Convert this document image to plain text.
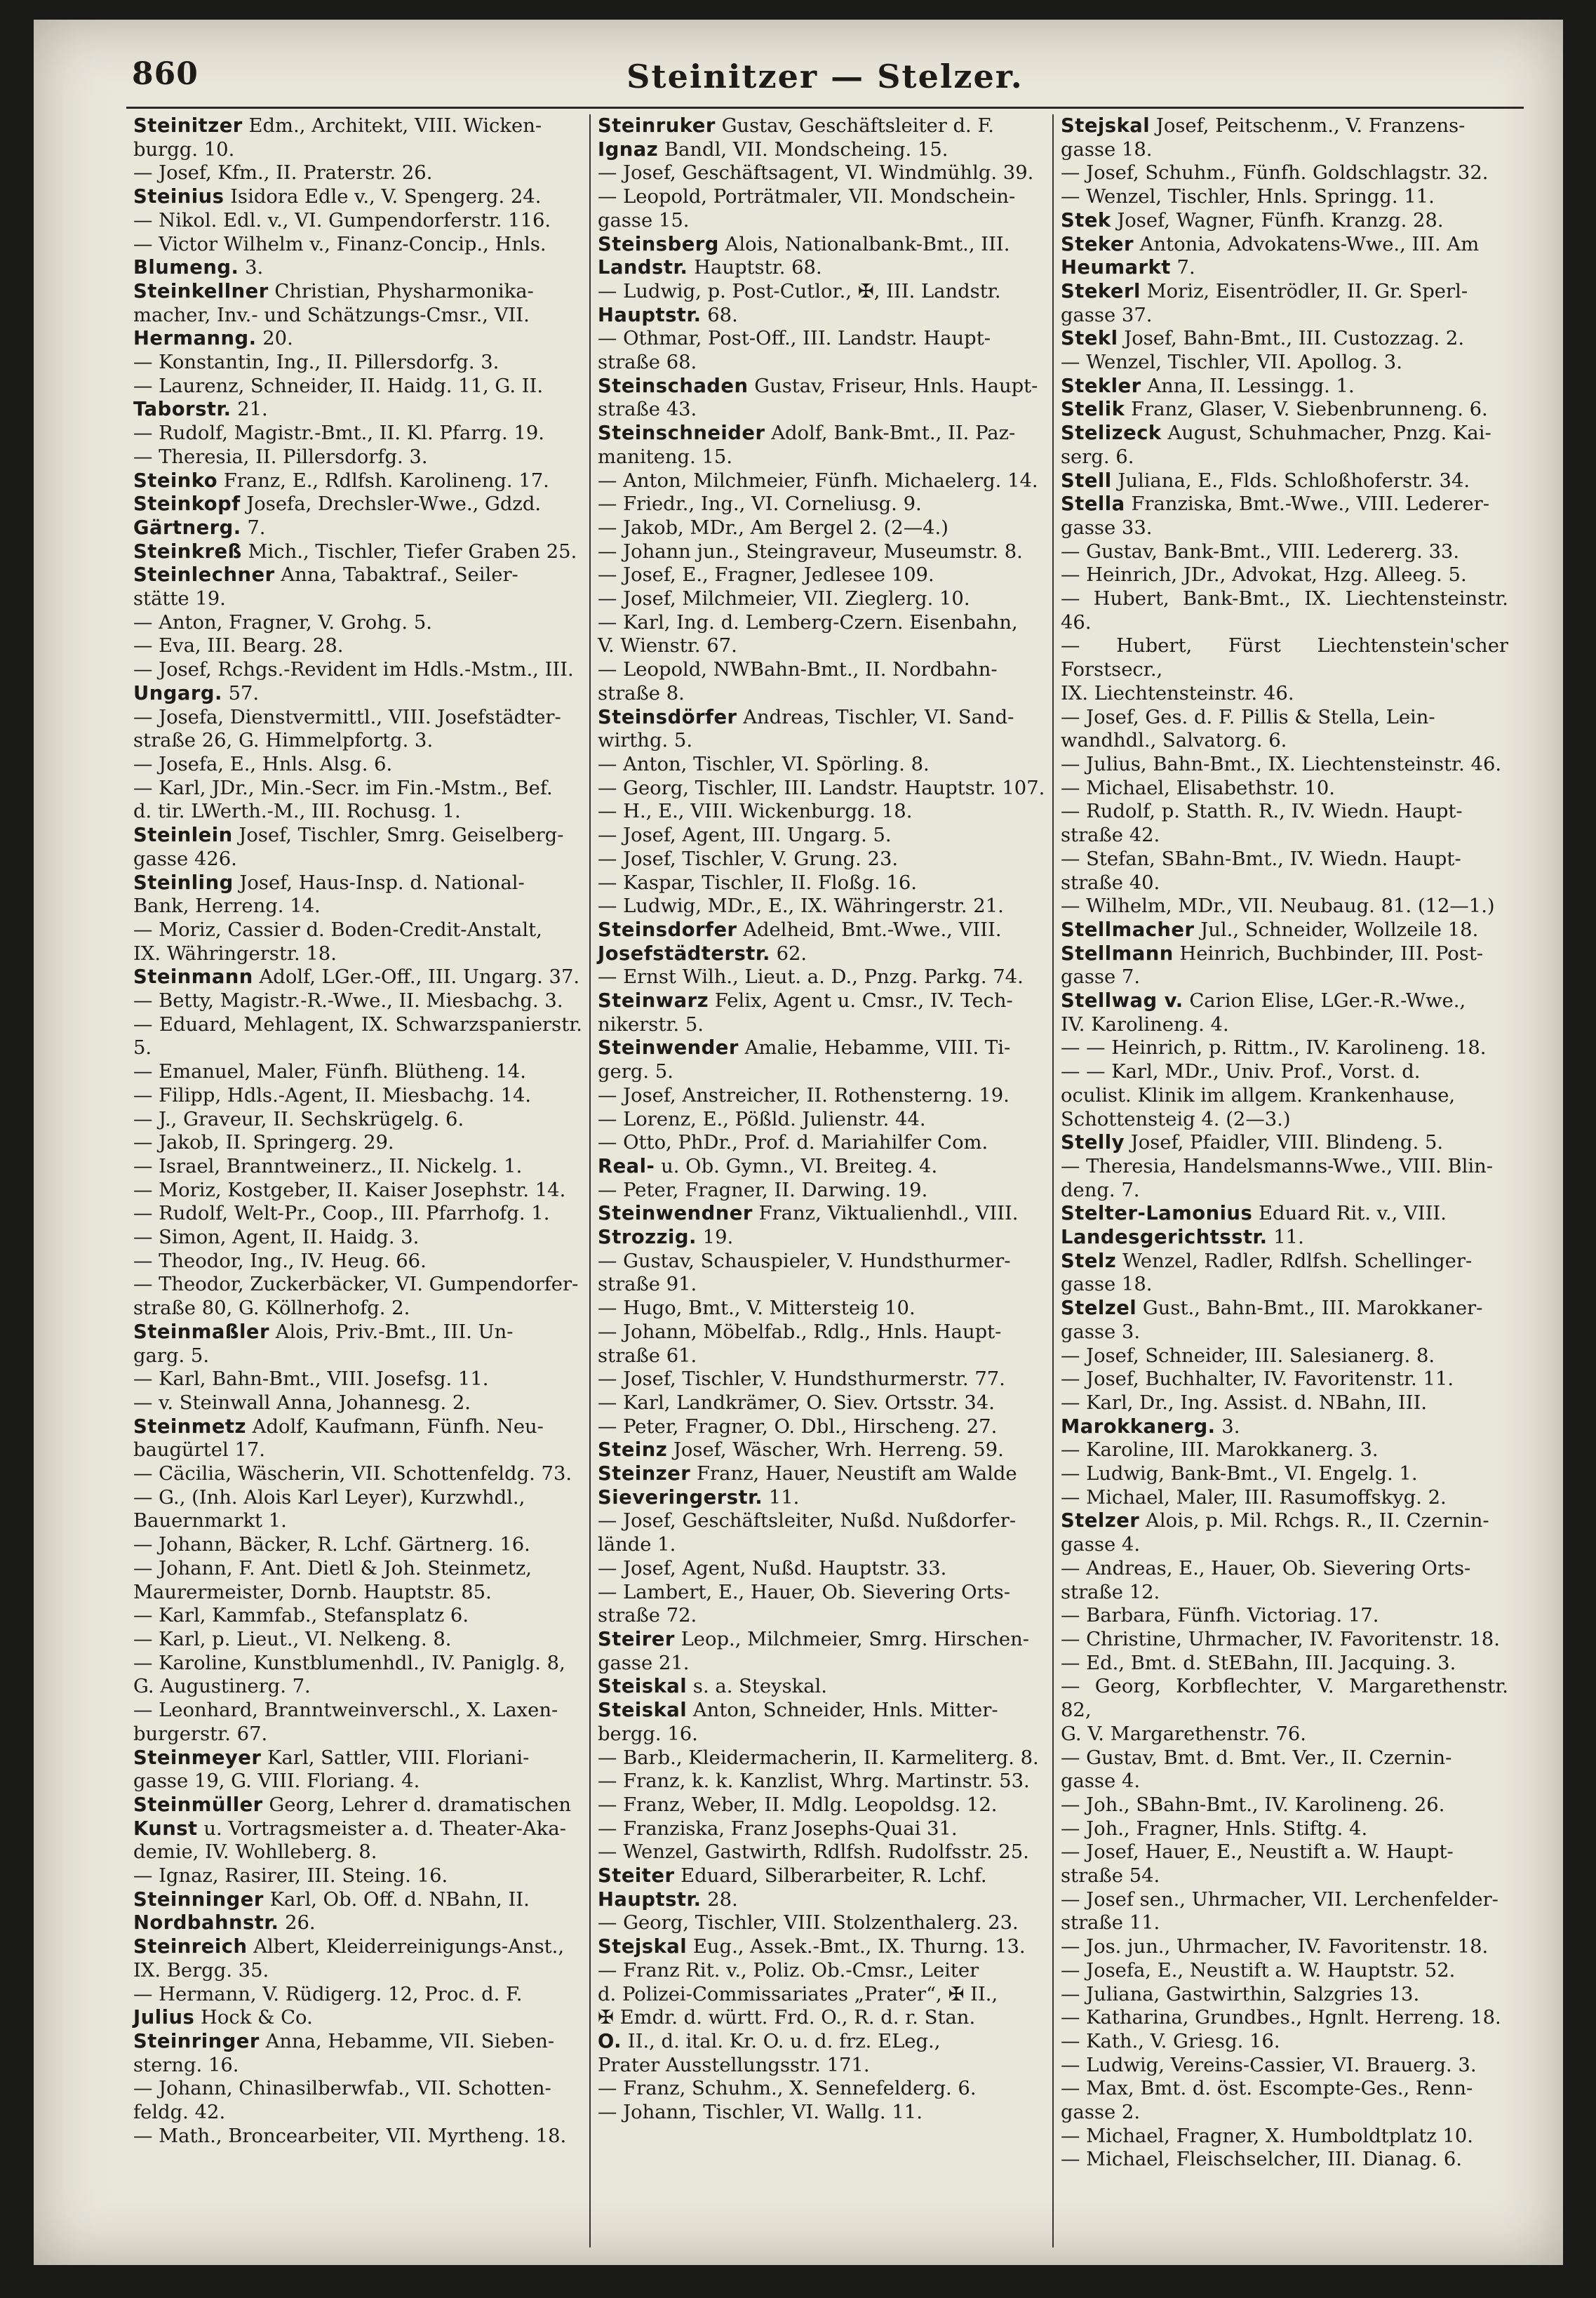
860	Steinitzer — Stelzer.
Steinitzer Edm., Architekt, VIII. Wicken-
burgg. 10.
— Josef, Kfm., II. Praterstr. 26.
Steinius Isidora Edle v., V. Spengerg. 24.
— Nikol. Edl. v., VI. Gumpendorferstr. 116.
— Victor Wilhelm v., Finanz-Concip., Hnls.
Blumeng. 3.
Steinkellner Christian, Physharmonika-
macher, Inv.- und Schätzungs-Cmsr., VII.
Hermanng. 20.
— Konstantin, Ing., II. Pillersdorfg. 3.
— Laurenz, Schneider, II. Haidg. 11, G. II.
Taborstr. 21.
— Rudolf, Magistr.-Bmt., II. Kl. Pfarrg. 19.
— Theresia, II. Pillersdorfg. 3.
Steinko Franz, E., Rdlfsh. Karolineng. 17.
Steinkopf Josefa, Drechsler-Wwe., Gdzd.
Gärtnerg. 7.
Steinkreß Mich., Tischler, Tiefer Graben 25.
Steinlechner Anna, Tabaktraf., Seiler-
stätte 19.
— Anton, Fragner, V. Grohg. 5.
— Eva, III. Bearg. 28.
— Josef, Rchgs.-Revident im Hdls.-Mstm., III.
Ungarg. 57.
— Josefa, Dienstvermittl., VIII. Josefstädter-
straße 26, G. Himmelpfortg. 3.
— Josefa, E., Hnls. Alsg. 6.
— Karl, JDr., Min.-Secr. im Fin.-Mstm., Bef.
d. tir. LWerth.-M., III. Rochusg. 1.
Steinlein Josef, Tischler, Smrg. Geiselberg-
gasse 426.
Steinling Josef, Haus-Insp. d. National-
Bank, Herreng. 14.
— Moriz, Cassier d. Boden-Credit-Anstalt,
IX. Währingerstr. 18.
Steinmann Adolf, LGer.-Off., III. Ungarg. 37.
— Betty, Magistr.-R.-Wwe., II. Miesbachg. 3.
— Eduard, Mehlagent, IX. Schwarzspanierstr. 5.
— Emanuel, Maler, Fünfh. Blütheng. 14.
— Filipp, Hdls.-Agent, II. Miesbachg. 14.
— J., Graveur, II. Sechskrügelg. 6.
— Jakob, II. Springerg. 29.
— Israel, Branntweinerz., II. Nickelg. 1.
— Moriz, Kostgeber, II. Kaiser Josephstr. 14.
— Rudolf, Welt-Pr., Coop., III. Pfarrhofg. 1.
— Simon, Agent, II. Haidg. 3.
— Theodor, Ing., IV. Heug. 66.
— Theodor, Zuckerbäcker, VI. Gumpendorfer-
straße 80, G. Köllnerhofg. 2.
Steinmaßler Alois, Priv.-Bmt., III. Un-
garg. 5.
— Karl, Bahn-Bmt., VIII. Josefsg. 11.
— v. Steinwall Anna, Johannesg. 2.
Steinmetz Adolf, Kaufmann, Fünfh. Neu-
baugürtel 17.
— Cäcilia, Wäscherin, VII. Schottenfeldg. 73.
— G., (Inh. Alois Karl Leyer), Kurzwhdl.,
Bauernmarkt 1.
— Johann, Bäcker, R. Lchf. Gärtnerg. 16.
— Johann, F. Ant. Dietl & Joh. Steinmetz,
Maurermeister, Dornb. Hauptstr. 85.
— Karl, Kammfab., Stefansplatz 6.
— Karl, p. Lieut., VI. Nelkeng. 8.
— Karoline, Kunstblumenhdl., IV. Paniglg. 8,
G. Augustinerg. 7.
— Leonhard, Branntweinverschl., X. Laxen-
burgerstr. 67.
Steinmeyer Karl, Sattler, VIII. Floriani-
gasse 19, G. VIII. Floriang. 4.
Steinmüller Georg, Lehrer d. dramatischen
Kunst u. Vortragsmeister a. d. Theater-Aka-
demie, IV. Wohlleberg. 8.
— Ignaz, Rasirer, III. Steing. 16.
Steinninger Karl, Ob. Off. d. NBahn, II.
Nordbahnstr. 26.
Steinreich Albert, Kleiderreinigungs-Anst.,
IX. Bergg. 35.
— Hermann, V. Rüdigerg. 12, Proc. d. F.
Julius Hock & Co.
Steinringer Anna, Hebamme, VII. Sieben-
sterng. 16.
— Johann, Chinasilberwfab., VII. Schotten-
feldg. 42.
— Math., Broncearbeiter, VII. Myrtheng. 18.
Steinruker Gustav, Geschäftsleiter d. F.
Ignaz Bandl, VII. Mondscheing. 15.
— Josef, Geschäftsagent, VI. Windmühlg. 39.
— Leopold, Porträtmaler, VII. Mondschein-
gasse 15.
Steinsberg Alois, Nationalbank-Bmt., III.
Landstr. Hauptstr. 68.
— Ludwig, p. Post-Cutlor., ✠, III. Landstr.
Hauptstr. 68.
— Othmar, Post-Off., III. Landstr. Haupt-
straße 68.
Steinschaden Gustav, Friseur, Hnls. Haupt-
straße 43.
Steinschneider Adolf, Bank-Bmt., II. Paz-
maniteng. 15.
— Anton, Milchmeier, Fünfh. Michaelerg. 14.
— Friedr., Ing., VI. Corneliusg. 9.
— Jakob, MDr., Am Bergel 2. (2—4.)
— Johann jun., Steingraveur, Museumstr. 8.
— Josef, E., Fragner, Jedlesee 109.
— Josef, Milchmeier, VII. Zieglerg. 10.
— Karl, Ing. d. Lemberg-Czern. Eisenbahn,
V. Wienstr. 67.
— Leopold, NWBahn-Bmt., II. Nordbahn-
straße 8.
Steinsdörfer Andreas, Tischler, VI. Sand-
wirthg. 5.
— Anton, Tischler, VI. Spörling. 8.
— Georg, Tischler, III. Landstr. Hauptstr. 107.
— H., E., VIII. Wickenburgg. 18.
— Josef, Agent, III. Ungarg. 5.
— Josef, Tischler, V. Grung. 23.
— Kaspar, Tischler, II. Floßg. 16.
— Ludwig, MDr., E., IX. Währingerstr. 21.
Steinsdorfer Adelheid, Bmt.-Wwe., VIII.
Josefstädterstr. 62.
— Ernst Wilh., Lieut. a. D., Pnzg. Parkg. 74.
Steinwarz Felix, Agent u. Cmsr., IV. Tech-
nikerstr. 5.
Steinwender Amalie, Hebamme, VIII. Ti-
gerg. 5.
— Josef, Anstreicher, II. Rothensterng. 19.
— Lorenz, E., Pößld. Julienstr. 44.
— Otto, PhDr., Prof. d. Mariahilfer Com.
Real- u. Ob. Gymn., VI. Breiteg. 4.
— Peter, Fragner, II. Darwing. 19.
Steinwendner Franz, Viktualienhdl., VIII.
Strozzig. 19.
— Gustav, Schauspieler, V. Hundsthurmer-
straße 91.
— Hugo, Bmt., V. Mittersteig 10.
— Johann, Möbelfab., Rdlg., Hnls. Haupt-
straße 61.
— Josef, Tischler, V. Hundsthurmerstr. 77.
— Karl, Landkrämer, O. Siev. Ortsstr. 34.
— Peter, Fragner, O. Dbl., Hirscheng. 27.
Steinz Josef, Wäscher, Wrh. Herreng. 59.
Steinzer Franz, Hauer, Neustift am Walde
Sieveringerstr. 11.
— Josef, Geschäftsleiter, Nußd. Nußdorfer-
lände 1.
— Josef, Agent, Nußd. Hauptstr. 33.
— Lambert, E., Hauer, Ob. Sievering Orts-
straße 72.
Steirer Leop., Milchmeier, Smrg. Hirschen-
gasse 21.
Steiskal s. a. Steyskal.
Steiskal Anton, Schneider, Hnls. Mitter-
bergg. 16.
— Barb., Kleidermacherin, II. Karmeliterg. 8.
— Franz, k. k. Kanzlist, Whrg. Martinstr. 53.
— Franz, Weber, II. Mdlg. Leopoldsg. 12.
— Franziska, Franz Josephs-Quai 31.
— Wenzel, Gastwirth, Rdlfsh. Rudolfsstr. 25.
Steiter Eduard, Silberarbeiter, R. Lchf.
Hauptstr. 28.
— Georg, Tischler, VIII. Stolzenthalerg. 23.
Stejskal Eug., Assek.-Bmt., IX. Thurng. 13.
— Franz Rit. v., Poliz. Ob.-Cmsr., Leiter
d. Polizei-Commissariates „Prater“, ✠ II.,
✠ Emdr. d. württ. Frd. O., R. d. r. Stan.
O. II., d. ital. Kr. O. u. d. frz. ELeg.,
Prater Ausstellungsstr. 171.
— Franz, Schuhm., X. Sennefelderg. 6.
— Johann, Tischler, VI. Wallg. 11.
Stejskal Josef, Peitschenm., V. Franzens-
gasse 18.
— Josef, Schuhm., Fünfh. Goldschlagstr. 32.
— Wenzel, Tischler, Hnls. Springg. 11.
Stek Josef, Wagner, Fünfh. Kranzg. 28.
Steker Antonia, Advokatens-Wwe., III. Am
Heumarkt 7.
Stekerl Moriz, Eisentrödler, II. Gr. Sperl-
gasse 37.
Stekl Josef, Bahn-Bmt., III. Custozzag. 2.
— Wenzel, Tischler, VII. Apollog. 3.
Stekler Anna, II. Lessingg. 1.
Stelik Franz, Glaser, V. Siebenbrunneng. 6.
Stelizeck August, Schuhmacher, Pnzg. Kai-
serg. 6.
Stell Juliana, E., Flds. Schloßhoferstr. 34.
Stella Franziska, Bmt.-Wwe., VIII. Lederer-
gasse 33.
— Gustav, Bank-Bmt., VIII. Ledererg. 33.
— Heinrich, JDr., Advokat, Hzg. Alleeg. 5.
— Hubert, Bank-Bmt., IX. Liechtensteinstr. 46.
— Hubert, Fürst Liechtenstein'scher Forstsecr.,
IX. Liechtensteinstr. 46.
— Josef, Ges. d. F. Pillis & Stella, Lein-
wandhdl., Salvatorg. 6.
— Julius, Bahn-Bmt., IX. Liechtensteinstr. 46.
— Michael, Elisabethstr. 10.
— Rudolf, p. Statth. R., IV. Wiedn. Haupt-
straße 42.
— Stefan, SBahn-Bmt., IV. Wiedn. Haupt-
straße 40.
— Wilhelm, MDr., VII. Neubaug. 81. (12—1.)
Stellmacher Jul., Schneider, Wollzeile 18.
Stellmann Heinrich, Buchbinder, III. Post-
gasse 7.
Stellwag v. Carion Elise, LGer.-R.-Wwe.,
IV. Karolineng. 4.
— — Heinrich, p. Rittm., IV. Karolineng. 18.
— — Karl, MDr., Univ. Prof., Vorst. d.
oculist. Klinik im allgem. Krankenhause,
Schottensteig 4. (2—3.)
Stelly Josef, Pfaidler, VIII. Blindeng. 5.
— Theresia, Handelsmanns-Wwe., VIII. Blin-
deng. 7.
Stelter-Lamonius Eduard Rit. v., VIII.
Landesgerichtsstr. 11.
Stelz Wenzel, Radler, Rdlfsh. Schellinger-
gasse 18.
Stelzel Gust., Bahn-Bmt., III. Marokkaner-
gasse 3.
— Josef, Schneider, III. Salesianerg. 8.
— Josef, Buchhalter, IV. Favoritenstr. 11.
— Karl, Dr., Ing. Assist. d. NBahn, III.
Marokkanerg. 3.
— Karoline, III. Marokkanerg. 3.
— Ludwig, Bank-Bmt., VI. Engelg. 1.
— Michael, Maler, III. Rasumoffskyg. 2.
Stelzer Alois, p. Mil. Rchgs. R., II. Czernin-
gasse 4.
— Andreas, E., Hauer, Ob. Sievering Orts-
straße 12.
— Barbara, Fünfh. Victoriag. 17.
— Christine, Uhrmacher, IV. Favoritenstr. 18.
— Ed., Bmt. d. StEBahn, III. Jacquing. 3.
— Georg, Korbflechter, V. Margarethenstr. 82,
G. V. Margarethenstr. 76.
— Gustav, Bmt. d. Bmt. Ver., II. Czernin-
gasse 4.
— Joh., SBahn-Bmt., IV. Karolineng. 26.
— Joh., Fragner, Hnls. Stiftg. 4.
— Josef, Hauer, E., Neustift a. W. Haupt-
straße 54.
— Josef sen., Uhrmacher, VII. Lerchenfelder-
straße 11.
— Jos. jun., Uhrmacher, IV. Favoritenstr. 18.
— Josefa, E., Neustift a. W. Hauptstr. 52.
— Juliana, Gastwirthin, Salzgries 13.
— Katharina, Grundbes., Hgnlt. Herreng. 18.
— Kath., V. Griesg. 16.
— Ludwig, Vereins-Cassier, VI. Brauerg. 3.
— Max, Bmt. d. öst. Escompte-Ges., Renn-
gasse 2.
— Michael, Fragner, X. Humboldtplatz 10.
— Michael, Fleischselcher, III. Dianag. 6.
